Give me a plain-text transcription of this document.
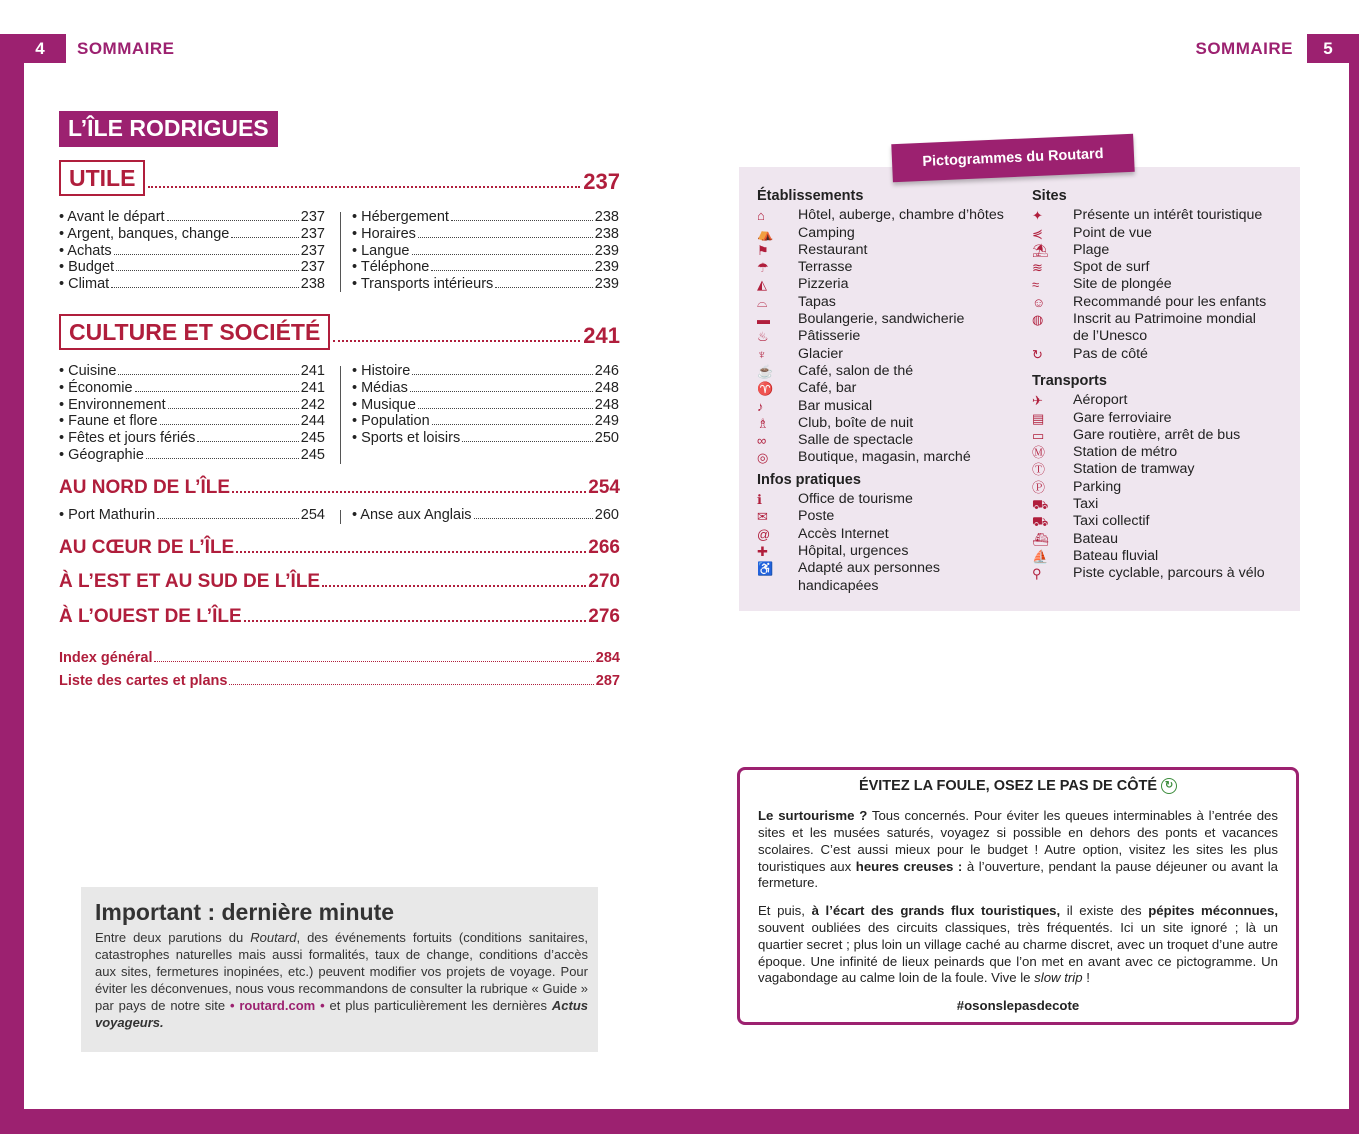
4	SOMMAIRE	SOMMAIRE	5
L’ÎLE RODRIGUES
UTILE	237
• Avant le départ	237
• Argent, banques, change	237
• Achats	237
• Budget	237
• Climat	238
• Hébergement	238
• Horaires	238
• Langue	239
• Téléphone	239
• Transports intérieurs	239
CULTURE ET SOCIÉTÉ	241
• Cuisine	241
• Économie	241
• Environnement	242
• Faune et flore	244
• Fêtes et jours fériés	245
• Géographie	245
• Histoire	246
• Médias	248
• Musique	248
• Population	249
• Sports et loisirs	250
AU NORD DE L’ÎLE	254
• Port Mathurin	254 • Anse aux Anglais	260
AU CŒUR DE L’ÎLE	266
À L’EST ET AU SUD DE L’ÎLE	270
À L’OUEST DE L’ÎLE	276
Index général	284
Liste des cartes et plans	287
Important : dernière minute

Entre deux parutions du Routard, des événements fortuits (conditions sanitaires, catastrophes naturelles mais aussi formalités, taux de change, conditions d’accès aux sites, fermetures inopinées, etc.) peuvent modifier vos projets de voyage. Pour éviter les déconvenues, nous vous recommandons de consulter la rubrique « Guide » par pays de notre site • routard.com • et plus particulièrement les dernières Actus voyageurs.

Pictogrammes du Routard
Établissements
⌂	Hôtel, auberge, chambre d’hôtes
⛺	Camping
⚑	Restaurant
☂	Terrasse
◭	Pizzeria
⌓	Tapas
▬	Boulangerie, sandwicherie
♨	Pâtisserie
♆	Glacier
☕	Café, salon de thé
♈	Café, bar
♪	Bar musical
♗	Club, boîte de nuit
∞	Salle de spectacle
◎	Boutique, magasin, marché
Infos pratiques
ℹ	Office de tourisme
✉	Poste
@	Accès Internet
✚	Hôpital, urgences
♿	Adapté aux personnes
handicapées
Sites
✦	Présente un intérêt touristique
⋞	Point de vue
⛱	Plage
≋	Spot de surf
≈	Site de plongée
☺	Recommandé pour les enfants
◍	Inscrit au Patrimoine mondial
de l’Unesco
↻	Pas de côté
Transports
✈	Aéroport
▤	Gare ferroviaire
▭	Gare routière, arrêt de bus
Ⓜ	Station de métro
Ⓣ	Station de tramway
Ⓟ	Parking
⛟	Taxi
⛟	Taxi collectif
⛴	Bateau
⛵	Bateau fluvial
⚲	Piste cyclable, parcours à vélo
ÉVITEZ LA FOULE, OSEZ LE PAS DE CÔTÉ ↻

Le surtourisme ? Tous concernés. Pour éviter les queues interminables à l’entrée des sites et les musées saturés, voyagez si possible en dehors des ponts et vacances scolaires. C’est aussi mieux pour le budget ! Autre option, visitez les sites les plus touristiques aux heures creuses : à l’ouverture, pendant la pause déjeuner ou avant la fermeture.

Et puis, à l’écart des grands flux touristiques, il existe des pépites méconnues, souvent oubliées des circuits classiques, très fréquentés. Ici un site ignoré ; là un quartier secret ; plus loin un village caché au charme discret, avec un troquet d’une autre époque. Une infinité de lieux peinards que l’on met en avant avec ce pictogramme. Un vagabondage au calme loin de la foule. Vive le slow trip !

#osonslepasdecote
